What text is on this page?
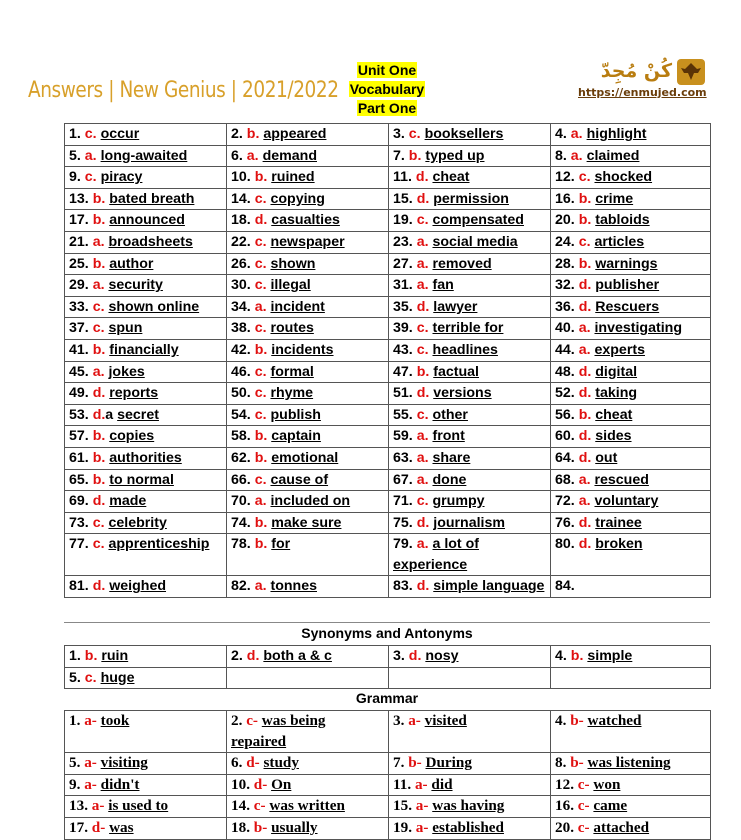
Answers | New Genius | 2021/2022
Unit One
Vocabulary
Part One
كُنْ مُجِدّ
https://enmujed.com
1. c. occur	2. b. appeared	3. c. booksellers	4. a. highlight
5. a. long-awaited	6. a. demand	7. b. typed up	8. a. claimed
9. c. piracy	10. b. ruined	11. d. cheat	12. c. shocked
13. b. bated breath	14. c. copying	15. d. permission	16. b. crime
17. b. announced	18. d. casualties	19. c. compensated	20. b. tabloids
21. a. broadsheets	22. c. newspaper	23. a. social media	24. c. articles
25. b. author	26. c. shown	27. a. removed	28. b. warnings
29. a. security	30. c. illegal	31. a. fan	32. d. publisher
33. c. shown online	34. a. incident	35. d. lawyer	36. d. Rescuers
37. c. spun	38. c. routes	39. c. terrible for	40. a. investigating
41. b. financially	42. b. incidents	43. c. headlines	44. a. experts
45. a. jokes	46. c. formal	47. b. factual	48. d. digital
49. d. reports	50. c. rhyme	51. d. versions	52. d. taking
53. d.a secret	54. c. publish	55. c. other	56. b. cheat
57. b. copies	58. b. captain	59. a. front	60. d. sides
61. b. authorities	62. b. emotional	63. a. share	64. d. out
65. b. to normal	66. c. cause of	67. a. done	68. a. rescued
69. d. made	70. a. included on	71. c. grumpy	72. a. voluntary
73. c. celebrity	74. b. make sure	75. d. journalism	76. d. trainee
77. c. apprenticeship	78. b. for	79. a. a lot of experience	80. d. broken
81. d. weighed	82. a. tonnes	83. d. simple language	84.
Synonyms and Antonyms
1. b. ruin	2. d. both a & c	3. d. nosy	4. b. simple
5. c. huge			
Grammar
1. a- took	2. c- was being repaired	3. a- visited	4. b- watched
5. a- visiting	6. d- study	7. b- During	8. b- was listening
9. a- didn't	10. d- On	11. a- did	12. c- won
13. a- is used to	14. c- was written	15. a- was having	16. c- came
17. d- was	18. b- usually	19. a- established	20. c- attached
